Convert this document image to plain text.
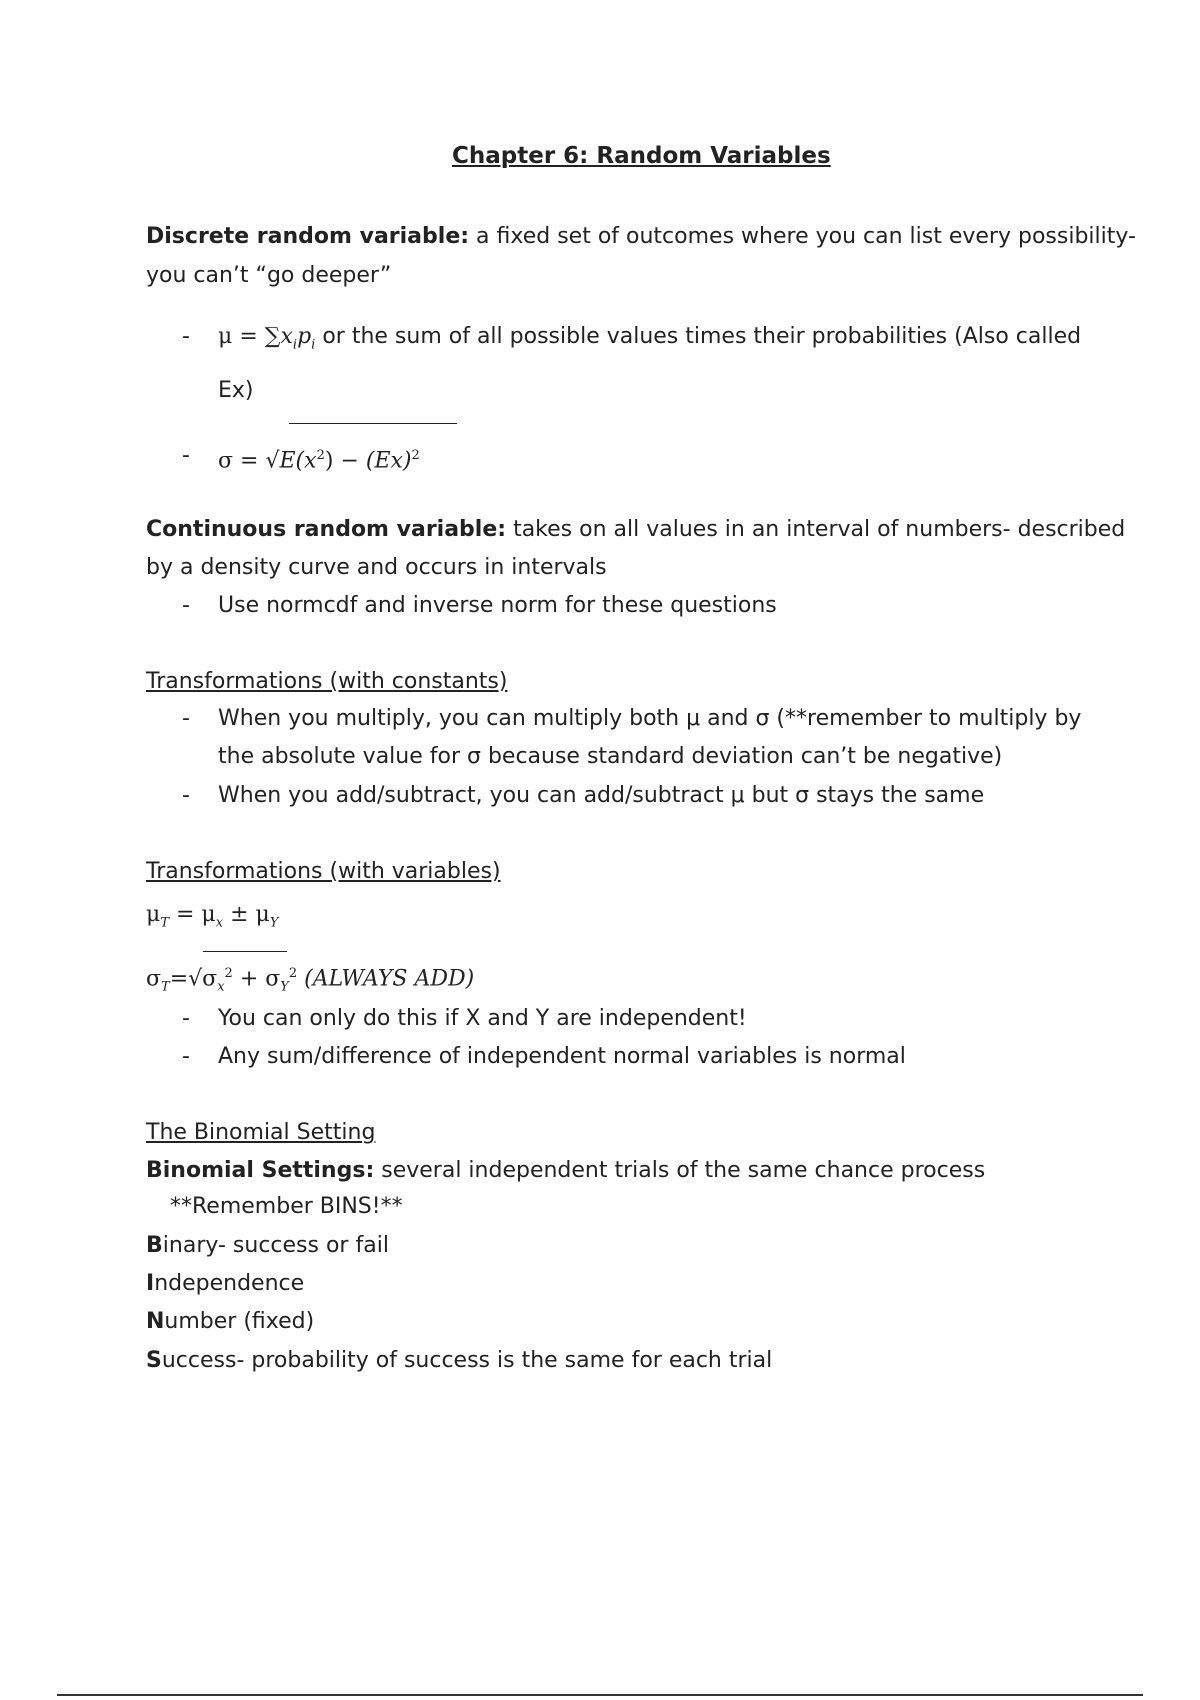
Chapter 6: Random Variables
Discrete random variable: a fixed set of outcomes where you can list every possibility-
you can’t “go deeper”
- $\mu = \sum x_ip_i$ or the sum of all possible values times their probabilities (Also called
Ex)
- $\sigma = √E(x^2) - (Ex)^2$
Continuous random variable: takes on all values in an interval of numbers- described
by a density curve and occurs in intervals
- Use normcdf and inverse norm for these questions
Transformations (with constants)
- When you multiply, you can multiply both μ and σ (**remember to multiply by
the absolute value for σ because standard deviation can’t be negative)
- When you add/subtract, you can add/subtract μ but σ stays the same
Transformations (with variables)
$\mu_T = \mu_x \pm \mu_Y$
$\sigma_T=√\sigma_x^2 + \sigma_Y^2$ (ALWAYS ADD)
- You can only do this if X and Y are independent!
- Any sum/difference of independent normal variables is normal
The Binomial Setting
Binomial Settings: several independent trials of the same chance process
**Remember BINS!**
Binary- success or fail
Independence
Number (fixed)
Success- probability of success is the same for each trial
